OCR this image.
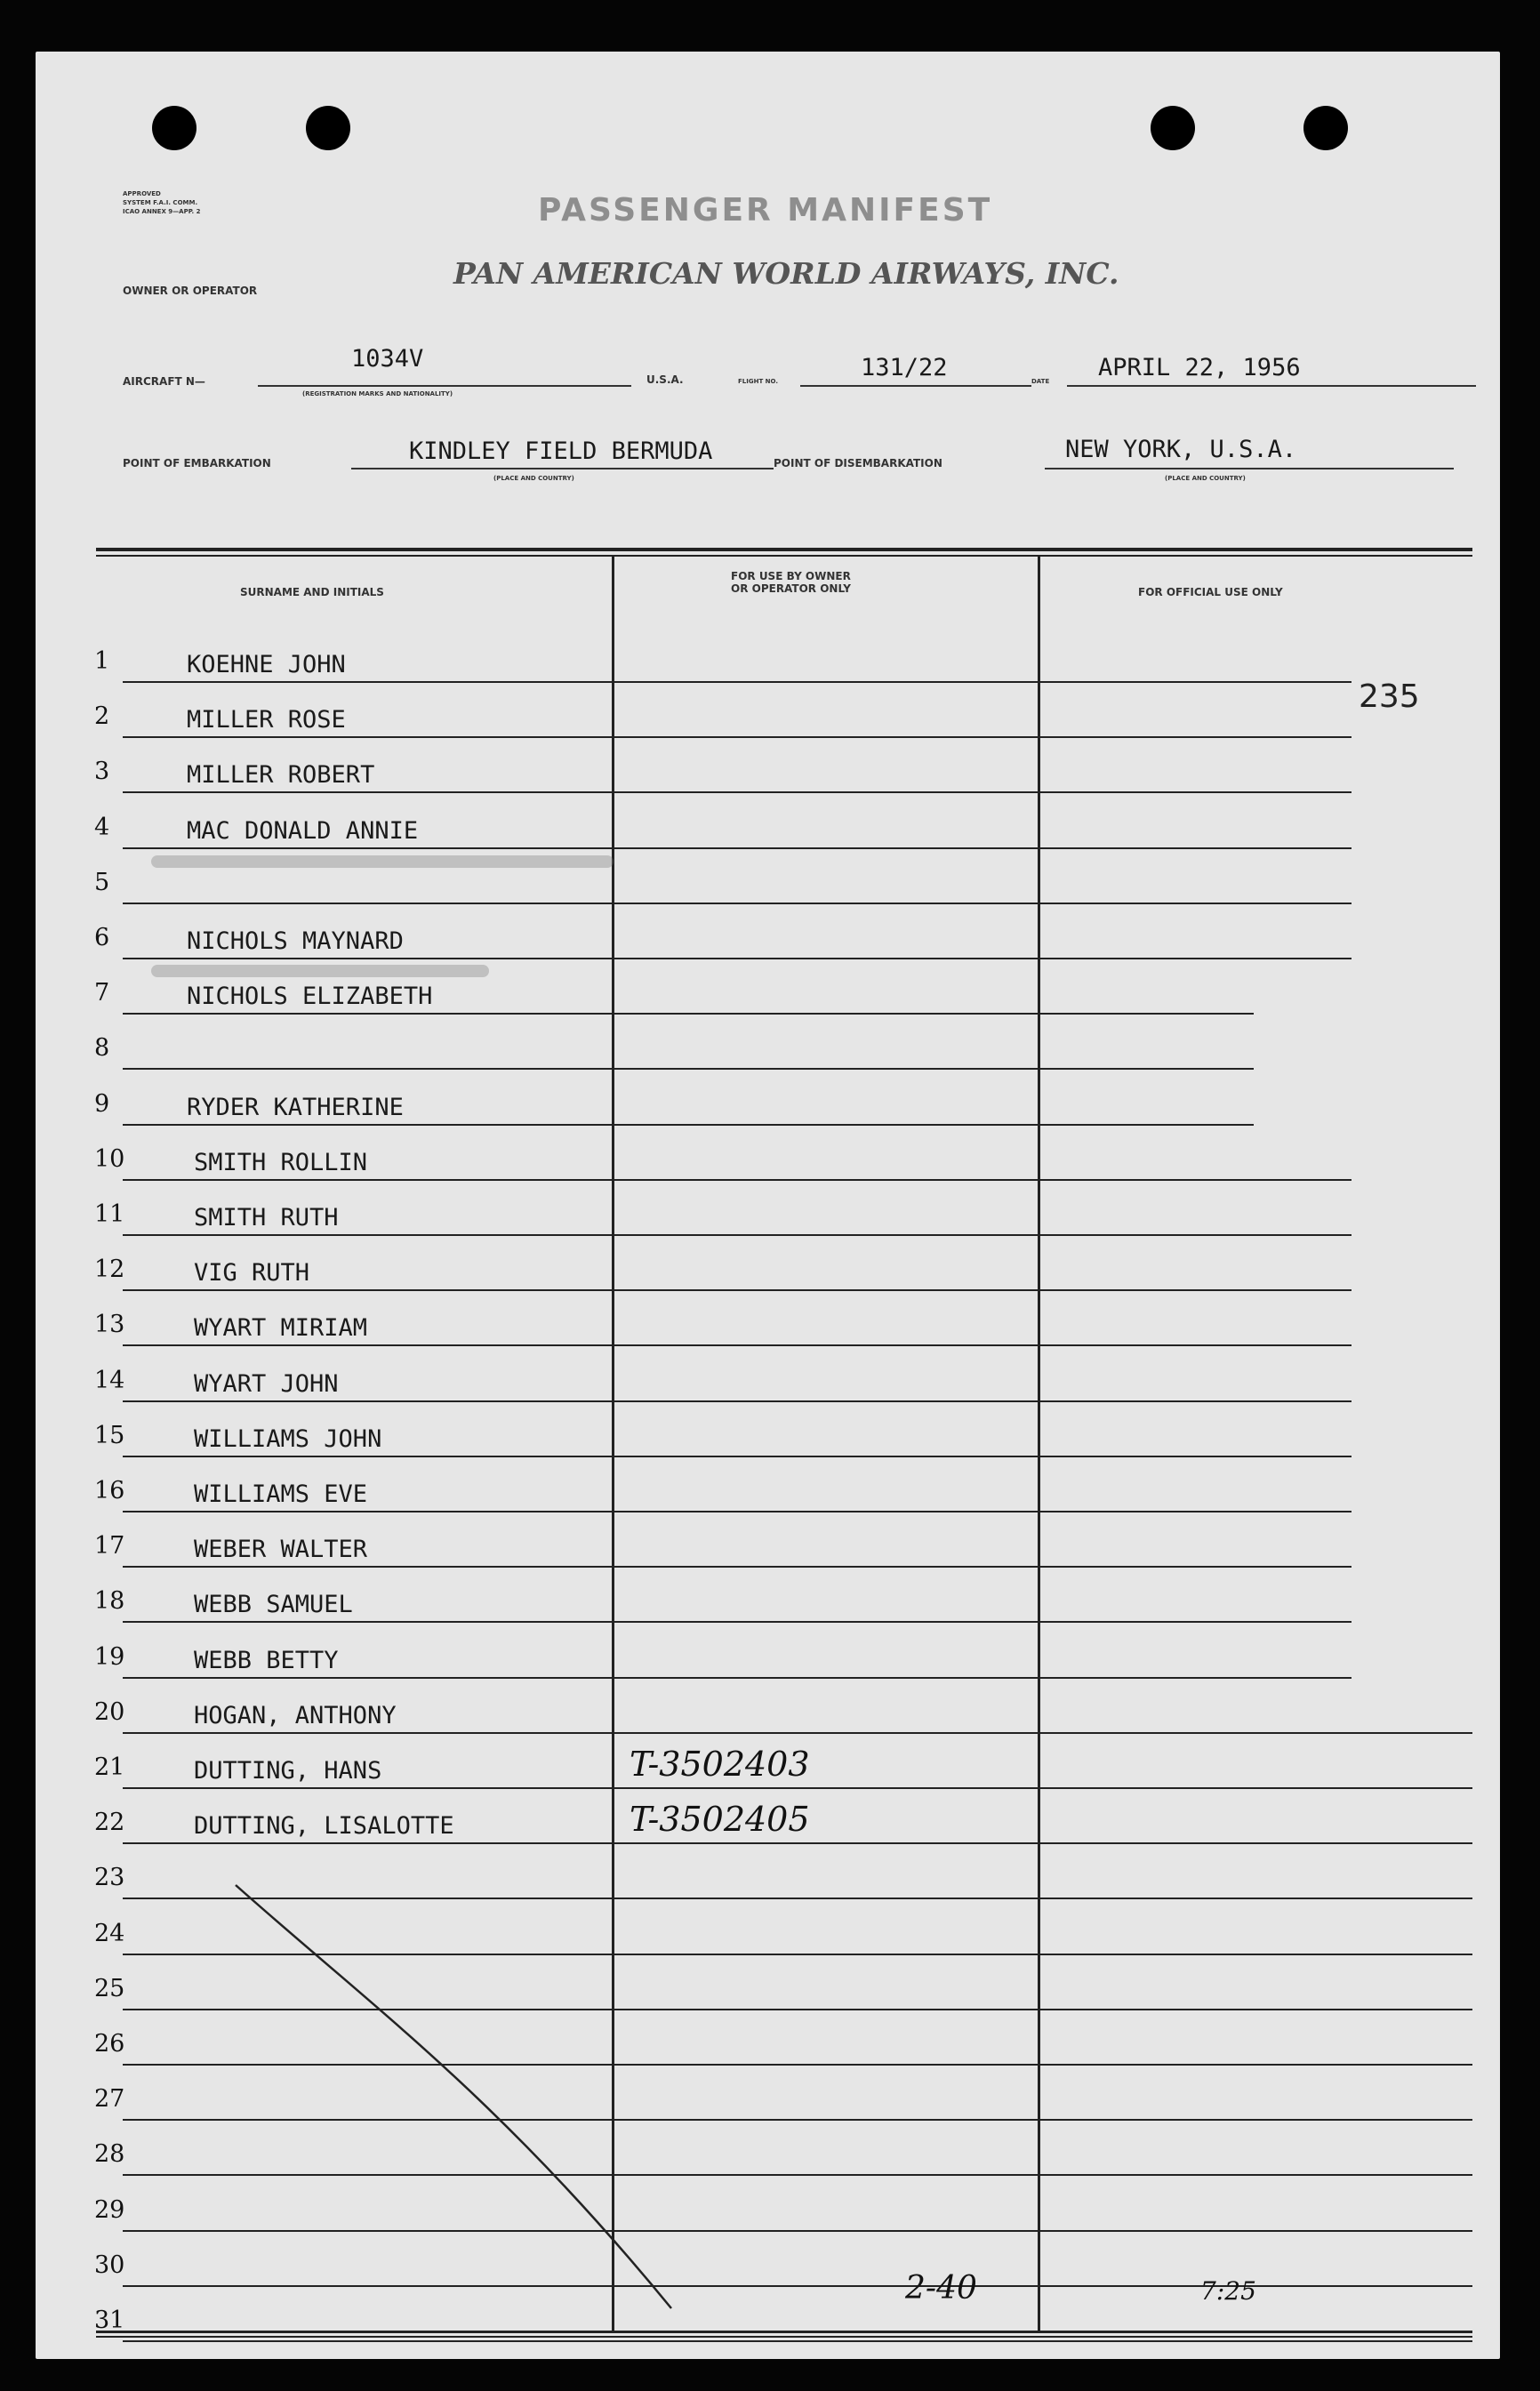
APPROVED
SYSTEM F.A.I. COMM.
ICAO ANNEX 9—APP. 2	PASSENGER MANIFEST
OWNER OR OPERATOR	PAN AMERICAN WORLD AIRWAYS, INC.
AIRCRAFT N—
1034V
(REGISTRATION MARKS AND NATIONALITY)
U.S.A.	FLIGHT NO.	131/22	DATE APRIL 22, 1956
POINT OF EMBARKATION	KINDLEY FIELD BERMUDA
(PLACE AND COUNTRY)
POINT OF DISEMBARKATION	NEW YORK, U.S.A.
(PLACE AND COUNTRY)
SURNAME AND INITIALS
FOR USE BY OWNER
OR OPERATOR ONLY	FOR OFFICIAL USE ONLY
235
1	KOEHNE JOHN
2	MILLER ROSE
3	MILLER ROBERT
4	MAC DONALD ANNIE
5
6	NICHOLS MAYNARD
7	NICHOLS ELIZABETH
8
9	RYDER KATHERINE
10	SMITH ROLLIN
11	SMITH RUTH
12	VIG RUTH
13	WYART MIRIAM
14	WYART JOHN
15	WILLIAMS JOHN
16	WILLIAMS EVE
17	WEBER WALTER
18	WEBB SAMUEL
19	WEBB BETTY
20	HOGAN, ANTHONY
21	DUTTING, HANS	T-3502403
22	DUTTING, LISALOTTE	T-3502405
23
24
25
26
27
28
29
30
31
2-40	7:25
